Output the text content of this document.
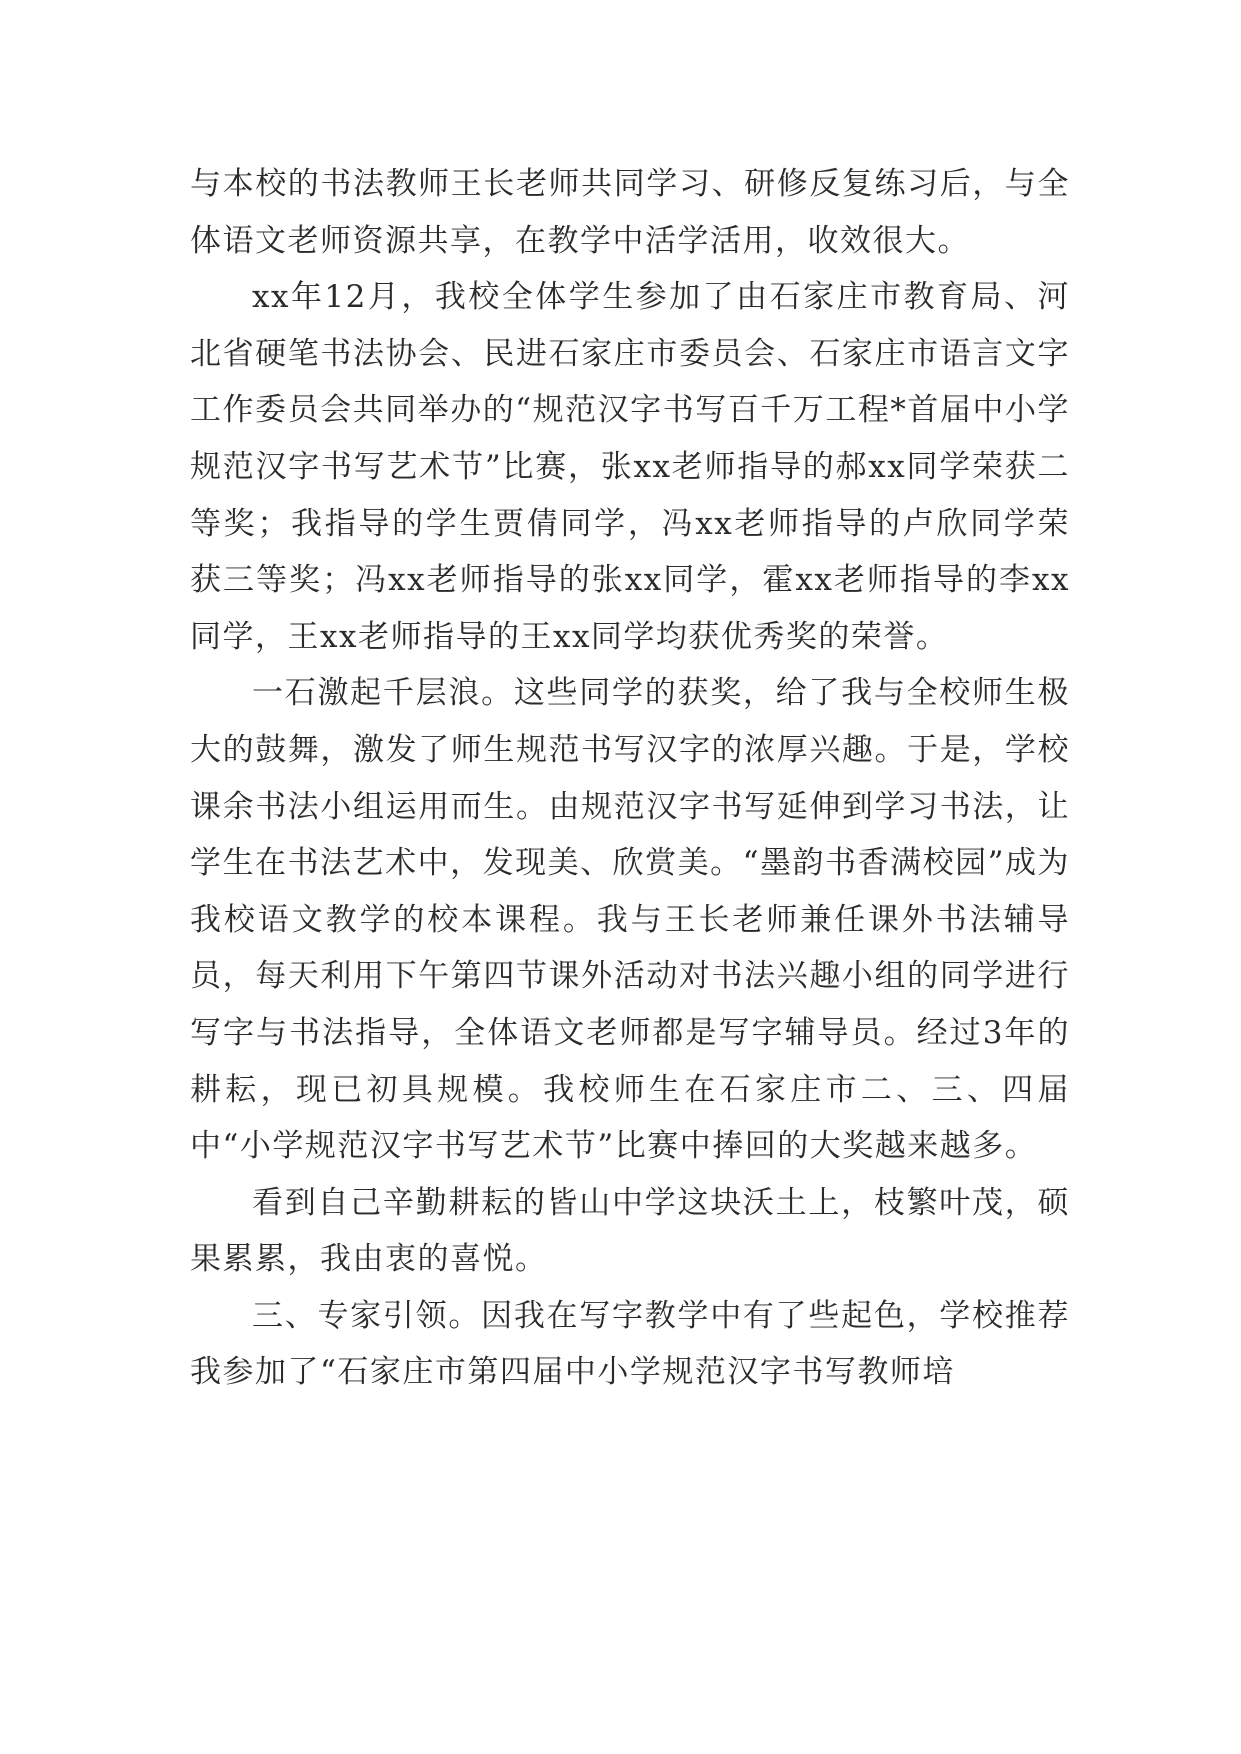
与本校的书法教师王长老师共同学习、研修反复练习后，与全体语文老师资源共享，在教学中活学活用，收效很大。

xx年12月，我校全体学生参加了由石家庄市教育局、河北省硬笔书法协会、民进石家庄市委员会、石家庄市语言文字工作委员会共同举办的“规范汉字书写百千万工程*首届中小学规范汉字书写艺术节”比赛，张xx老师指导的郝xx同学荣获二等奖；我指导的学生贾倩同学，冯xx老师指导的卢欣同学荣获三等奖；冯xx老师指导的张xx同学，霍xx老师指导的李xx同学，王xx老师指导的王xx同学均获优秀奖的荣誉。

一石激起千层浪。这些同学的获奖，给了我与全校师生极大的鼓舞，激发了师生规范书写汉字的浓厚兴趣。于是，学校课余书法小组运用而生。由规范汉字书写延伸到学习书法，让学生在书法艺术中，发现美、欣赏美。“墨韵书香满校园”成为我校语文教学的校本课程。我与王长老师兼任课外书法辅导员，每天利用下午第四节课外活动对书法兴趣小组的同学进行写字与书法指导，全体语文老师都是写字辅导员。经过3年的耕耘，现已初具规模。我校师生在石家庄市二、三、四届中“小学规范汉字书写艺术节”比赛中捧回的大奖越来越多。

看到自己辛勤耕耘的皆山中学这块沃土上，枝繁叶茂，硕果累累，我由衷的喜悦。

三、专家引领。因我在写字教学中有了些起色，学校推荐我参加了“石家庄市第四届中小学规范汉字书写教师培
